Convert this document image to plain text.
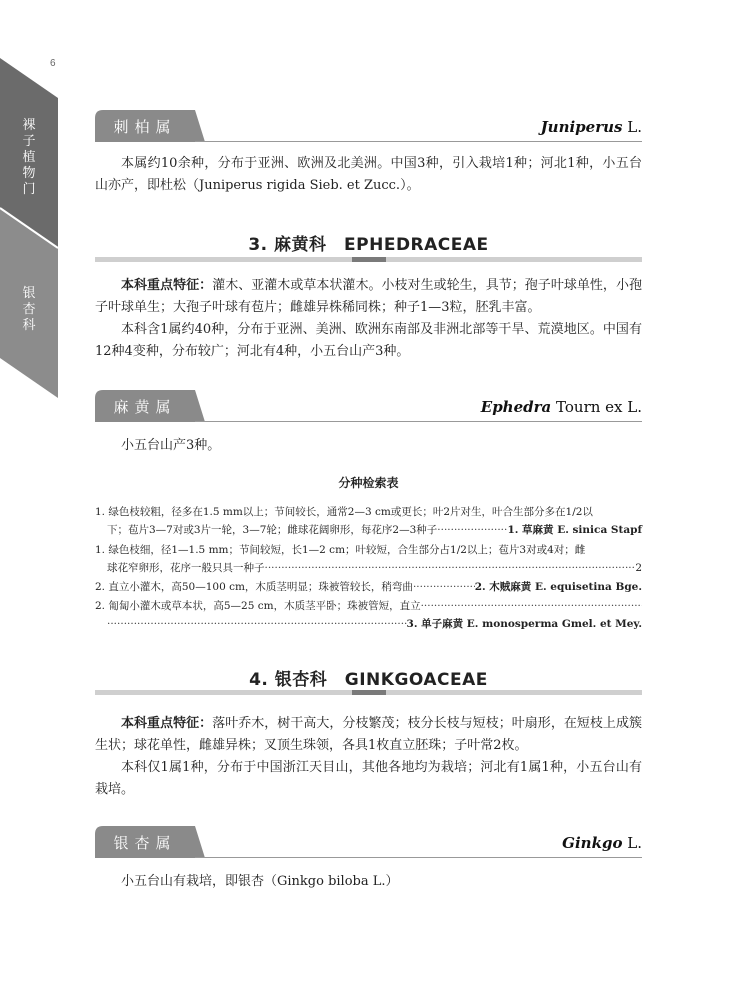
6
裸子植物门
银杏科
刺柏属	Juniperus L.

本属约10余种，分布于亚洲、欧洲及北美洲。中国3种，引入栽培1种；河北1种，小五台山亦产，即杜松（Juniperus rigida Sieb. et Zucc.）。

3. 麻黄科　EPHEDRACEAE

本科重点特征：灌木、亚灌木或草本状灌木。小枝对生或轮生，具节；孢子叶球单性，小孢子叶球单生；大孢子叶球有苞片；雌雄异株稀同株；种子1—3粒，胚乳丰富。

本科含1属约40种，分布于亚洲、美洲、欧洲东南部及非洲北部等干旱、荒漠地区。中国有12种4变种，分布较广；河北有4种，小五台山产3种。

麻黄属	Ephedra Tourn ex L.

小五台山产3种。

分种检索表
1. 绿色枝较粗，径多在1.5 mm以上；节间较长，通常2—3 cm或更长；叶2片对生，叶合生部分多在1/2以
下；苞片3—7对或3片一轮，3—7轮；雌球花阔卵形，每花序2—3种子 ·····	1. 草麻黄 E. sinica Stapf
1. 绿色枝细，径1—1.5 mm；节间较短，长1—2 cm；叶较短，合生部分占1/2以上；苞片3对或4对；雌
球花窄卵形，花序一般只具一种子 ·····	2
2. 直立小灌木，高50—100 cm，木质茎明显；珠被管较长，稍弯曲 ·····	2. 木贼麻黄 E. equisetina Bge.
2. 匍匐小灌木或草本状，高5—25 cm，木质茎平卧；珠被管短，直立
·····
·····
3. 单子麻黄 E. monosperma Gmel. et Mey.
4. 银杏科　GINKGOACEAE

本科重点特征：落叶乔木，树干高大，分枝繁茂；枝分长枝与短枝；叶扇形，在短枝上成簇生状；球花单性，雌雄异株；叉顶生珠领，各具1枚直立胚珠；子叶常2枚。

本科仅1属1种，分布于中国浙江天目山，其他各地均为栽培；河北有1属1种，小五台山有栽培。

银杏属	Ginkgo L.

小五台山有栽培，即银杏（Ginkgo biloba L.）
